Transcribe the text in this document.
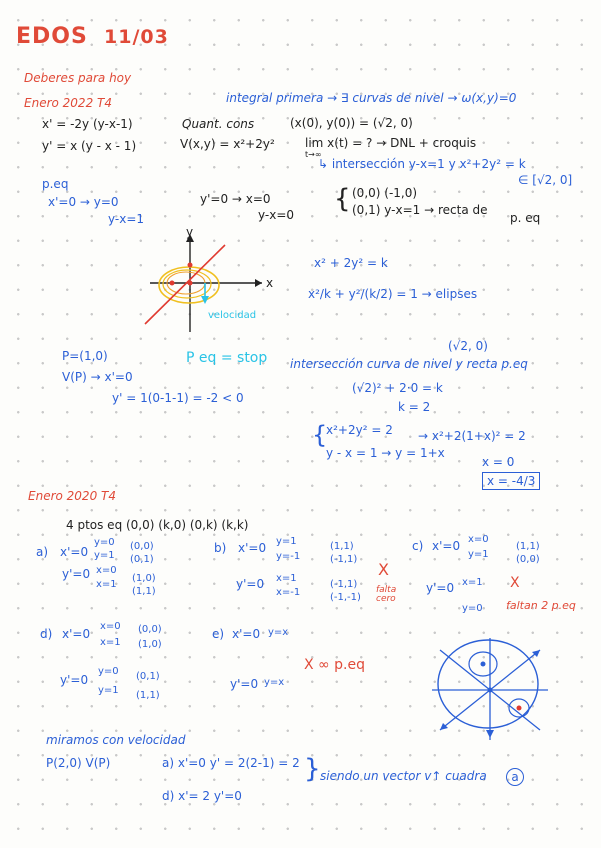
EDOS 11/03
Deberes para hoy
Enero 2022 T4
x' = -2y (y-x-1)
y' = x (y - x - 1)
Quant. cons
V(x,y) = x²+2y²
integral primera → ∃ curvas de nivel → ω(x,y)=0
(x(0), y(0)) = (√2, 0)
lim x(t) = ? → DNL + croquis
t→∞
↳ intersección y-x=1 y x²+2y² = k
∈ [√2, 0]
p.eq
x'=0 → y=0
y-x=1
y'=0 → x=0
y-x=0
{ (0,0) (-1,0)
(0,1) y-x=1 → recta de
p. eq
x² + 2y² = k
x²/k + y²/(k/2) = 1 → elipses
y
x
velocidad
P=(1,0)
V(P) → x'=0
y' = 1(0-1-1) = -2 < 0
P eq = stop
(√2, 0)
intersección curva de nivel y recta p.eq
(√2)² + 2·0 = k
k = 2
{
x²+2y² = 2
y - x = 1 → y = 1+x
→ x²+2(1+x)² = 2
x = 0
x = -4/3
Enero 2020 T4
4 ptos eq (0,0) (k,0) (0,k) (k,k)
a) x'=0
y=0
y=1
(0,0) (0,1)
y'=0 x=0
x=1
(1,0) (1,1)
b) x'=0 y=1
y=-1
(1,1) (-1,1)
y'=0 x=1
x=-1
(-1,1) (-1,-1)
X
falta cero
c) x'=0 x=0
y=1
(1,1) (0,0)
y'=0 x=1
y=0
X
faltan 2 p.eq
d) x'=0
x=0
x=1
(0,0) (1,0)
y'=0
y=0
y=1
(0,1) (1,1)
e) x'=0 y=x
y'=0 y=x
X ∞ p.eq
miramos con velocidad
P(2,0) V(P)	a) x'=0 y' = 2(2-1) = 2
d) x'= 2 y'=0
} siendo un vector v↑ cuadra	a
